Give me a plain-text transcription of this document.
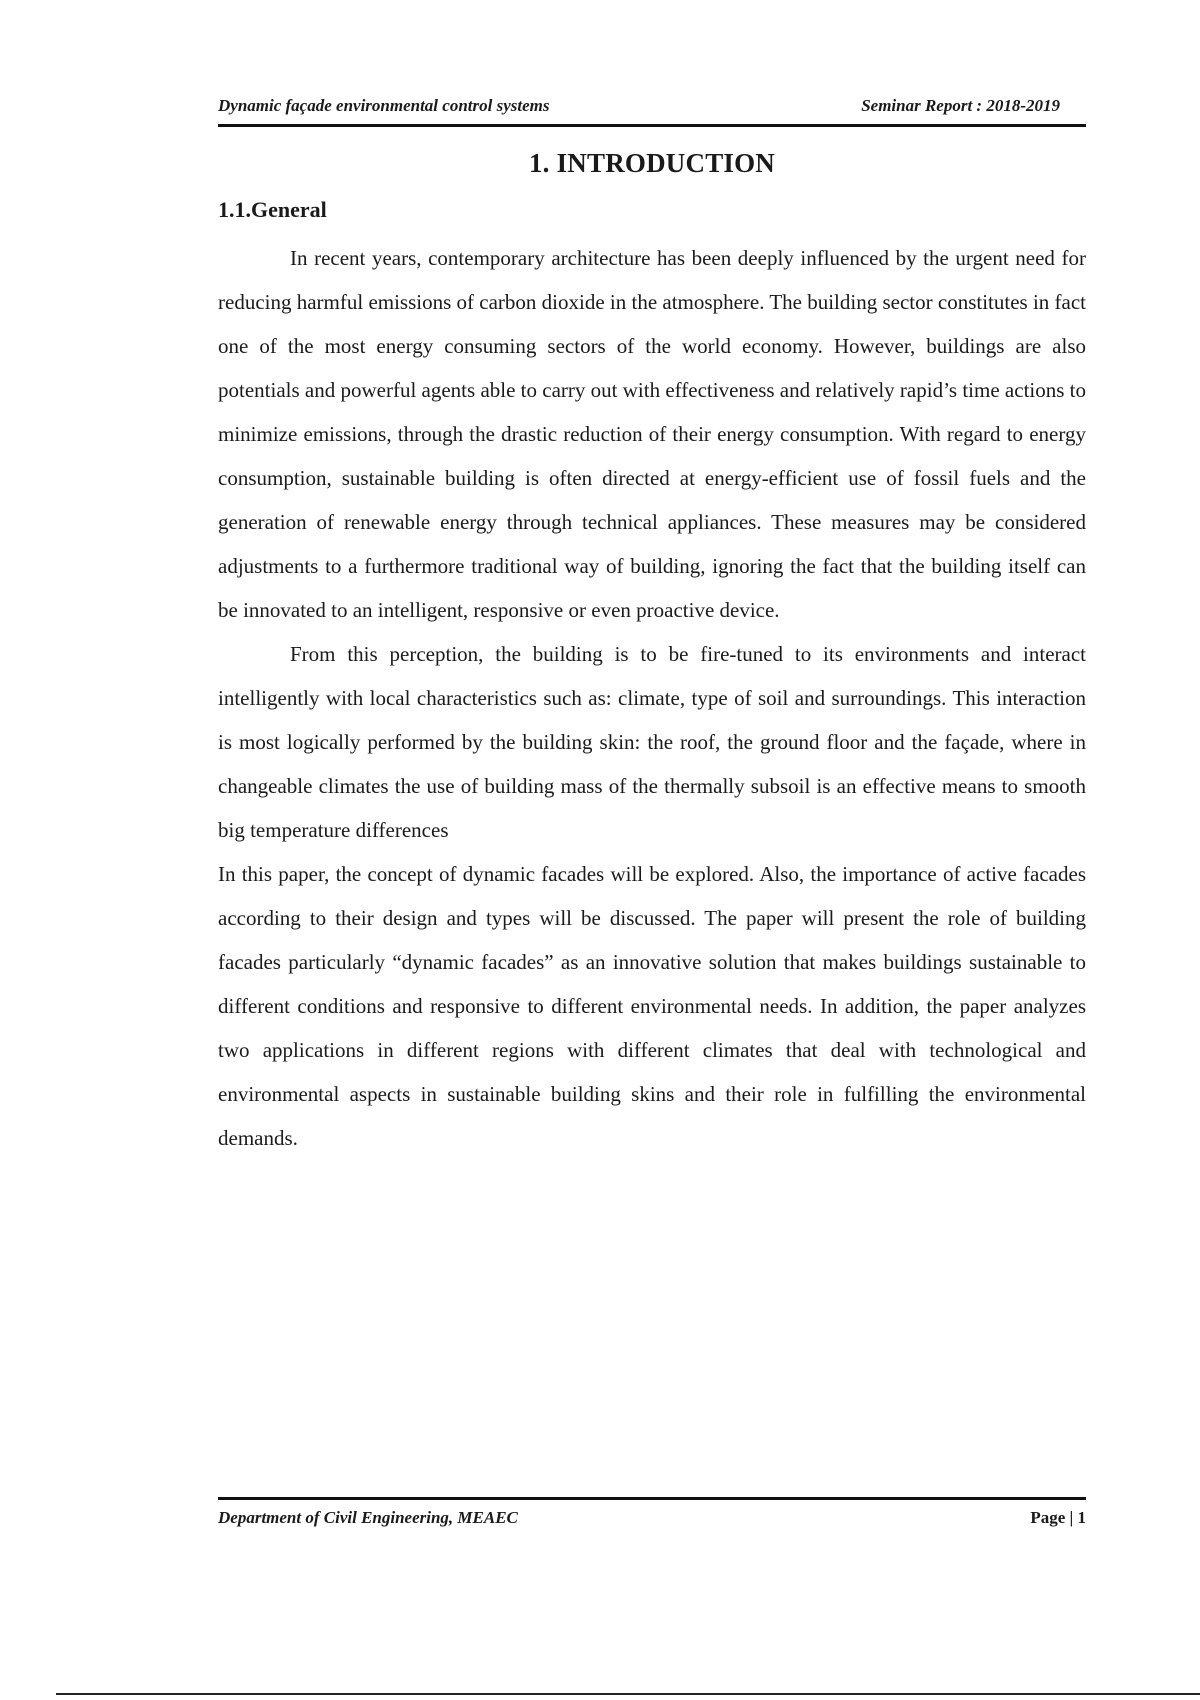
Dynamic façade environmental control systems	Seminar Report : 2018-2019
1. INTRODUCTION
1.1.General

In recent years, contemporary architecture has been deeply influenced by the urgent need for reducing harmful emissions of carbon dioxide in the atmosphere. The building sector constitutes in fact one of the most energy consuming sectors of the world economy. However, buildings are also potentials and powerful agents able to carry out with effectiveness and relatively rapid’s time actions to minimize emissions, through the drastic reduction of their energy consumption. With regard to energy consumption, sustainable building is often directed at energy-efficient use of fossil fuels and the generation of renewable energy through technical appliances. These measures may be considered adjustments to a furthermore traditional way of building, ignoring the fact that the building itself can be innovated to an intelligent, responsive or even proactive device.

From this perception, the building is to be fire-tuned to its environments and interact intelligently with local characteristics such as: climate, type of soil and surroundings. This interaction is most logically performed by the building skin: the roof, the ground floor and the façade, where in changeable climates the use of building mass of the thermally subsoil is an effective means to smooth big temperature differences

In this paper, the concept of dynamic facades will be explored. Also, the importance of active facades according to their design and types will be discussed. The paper will present the role of building facades particularly “dynamic facades” as an innovative solution that makes buildings sustainable to different conditions and responsive to different environmental needs. In addition, the paper analyzes two applications in different regions with different climates that deal with technological and environmental aspects in sustainable building skins and their role in fulfilling the environmental demands.

Department of Civil Engineering, MEAEC	Page | 1
